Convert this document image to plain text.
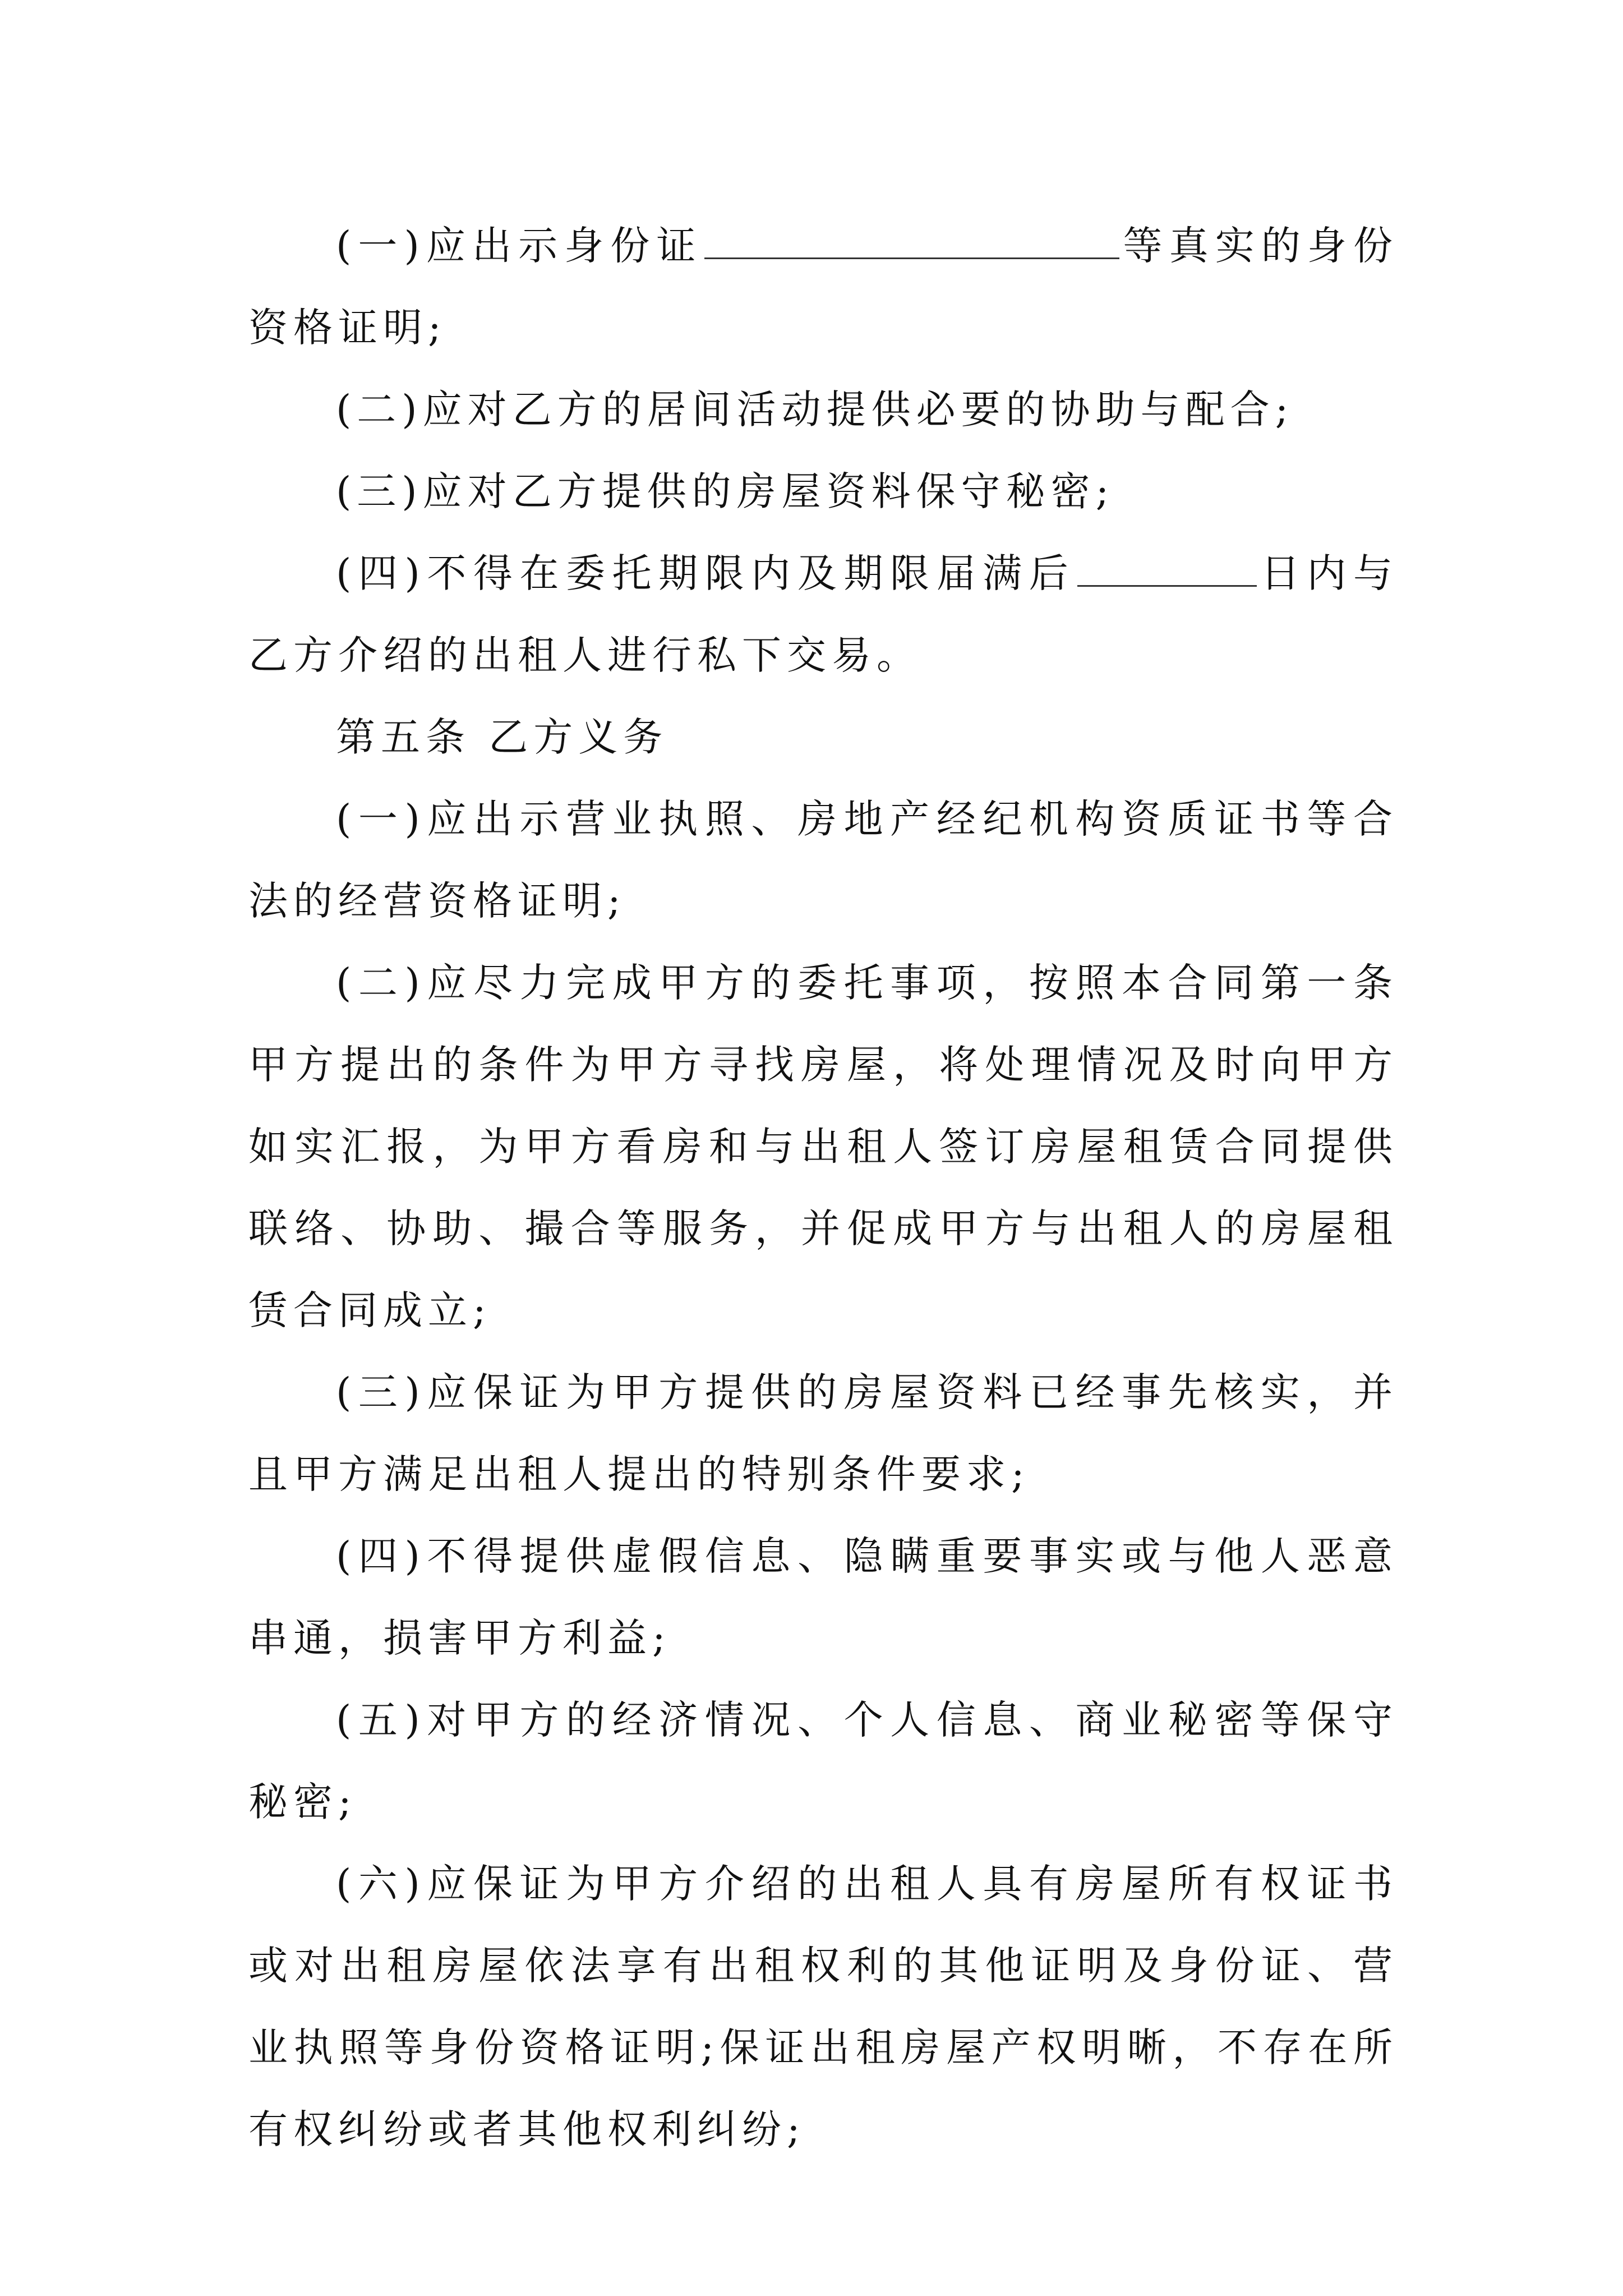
(一)应出示身份证	等真实的身份资格证明;

(二)应对乙方的居间活动提供必要的协助与配合;

(三)应对乙方提供的房屋资料保守秘密;

(四)不得在委托期限内及期限届满后	日内与乙方介绍的出租人进行私下交易。

第五条 乙方义务

(一)应出示营业执照、房地产经纪机构资质证书等合法的经营资格证明;

(二)应尽力完成甲方的委托事项，按照本合同第一条甲方提出的条件为甲方寻找房屋，将处理情况及时向甲方如实汇报，为甲方看房和与出租人签订房屋租赁合同提供联络、协助、撮合等服务，并促成甲方与出租人的房屋租赁合同成立;

(三)应保证为甲方提供的房屋资料已经事先核实，并且甲方满足出租人提出的特别条件要求;

(四)不得提供虚假信息、隐瞒重要事实或与他人恶意串通，损害甲方利益;

(五)对甲方的经济情况、个人信息、商业秘密等保守秘密;

(六)应保证为甲方介绍的出租人具有房屋所有权证书或对出租房屋依法享有出租权利的其他证明及身份证、营业执照等身份资格证明;保证出租房屋产权明晰，不存在所有权纠纷或者其他权利纠纷;
